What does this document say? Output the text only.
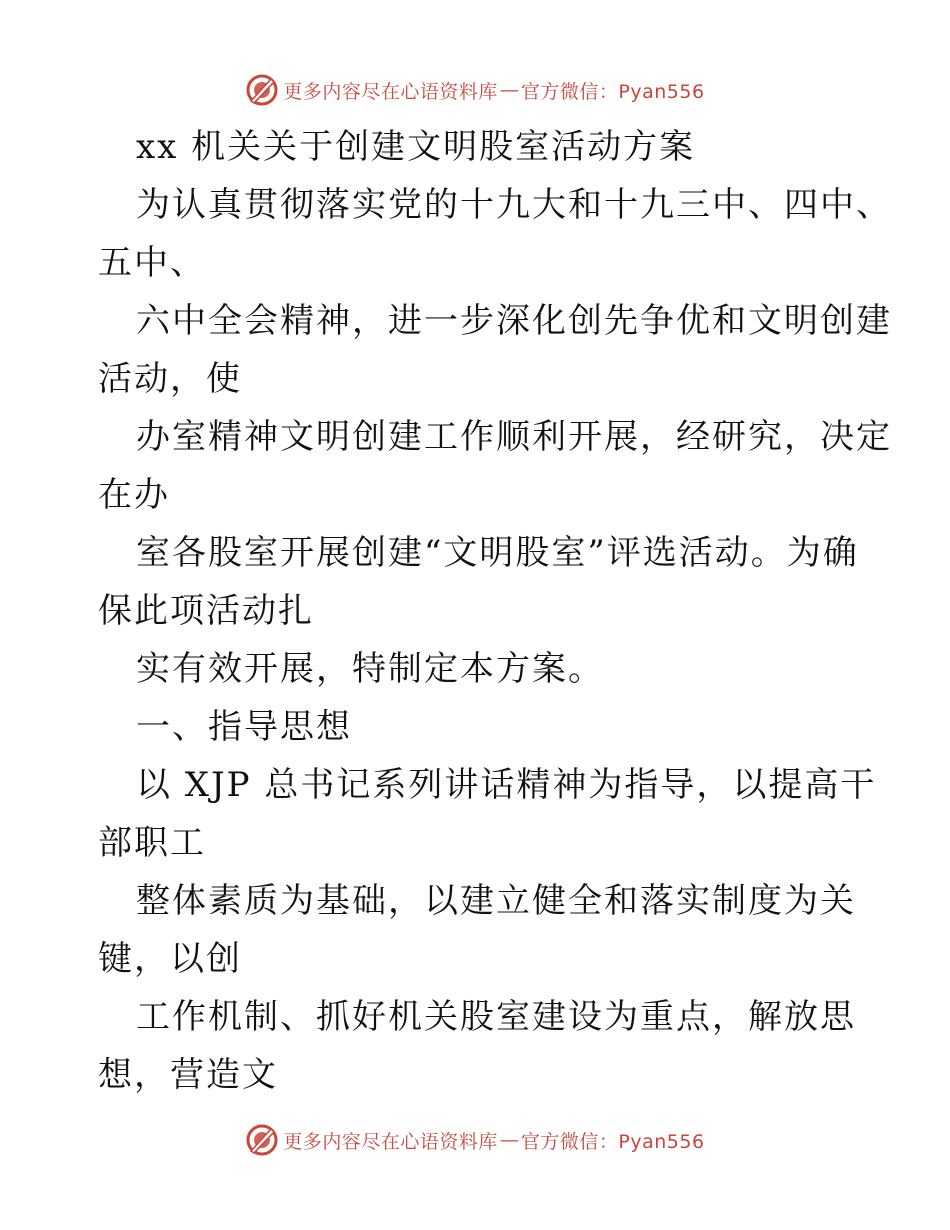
更多内容尽在心语资料库 — 官方微信：Pyan556
xx 机关关于创建文明股室活动方案
为认真贯彻落实党的十九大和十九三中、四中、
五中、
六中全会精神，进一步深化创先争优和文明创建
活动，使
办室精神文明创建工作顺利开展，经研究，决定
在办
室各股室开展创建“文明股室”评选活动。为确
保此项活动扎
实有效开展，特制定本方案。
一、指导思想
以 XJP 总书记系列讲话精神为指导，以提高干
部职工
整体素质为基础，以建立健全和落实制度为关
键，以创
工作机制、抓好机关股室建设为重点，解放思
想，营造文
更多内容尽在心语资料库 — 官方微信：Pyan556
